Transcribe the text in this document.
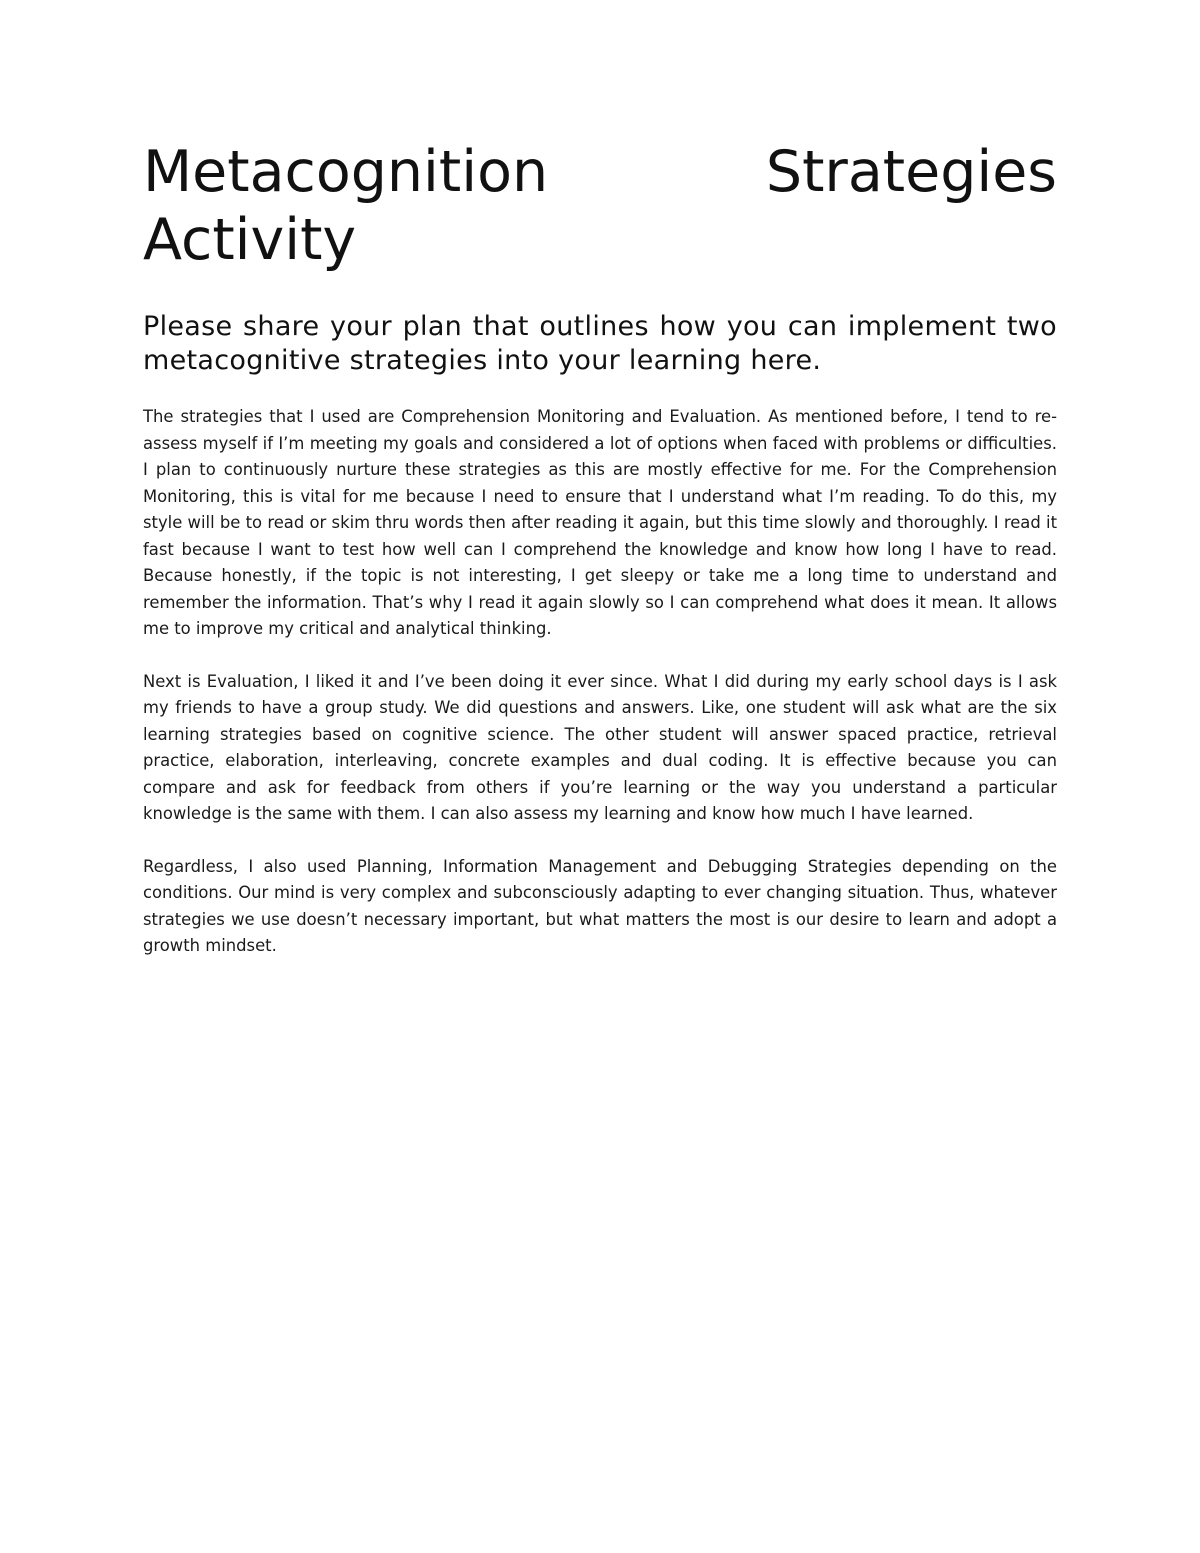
Metacognition	Strategies
Activity
Please share your plan that outlines how you can implement two metacognitive strategies into your learning here.

The strategies that I used are Comprehension Monitoring and Evaluation. As mentioned before, I tend to re-assess myself if I’m meeting my goals and considered a lot of options when faced with problems or difficulties. I plan to continuously nurture these strategies as this are mostly effective for me. For the Comprehension Monitoring, this is vital for me because I need to ensure that I understand what I’m reading. To do this, my style will be to read or skim thru words then after reading it again, but this time slowly and thoroughly. I read it fast because I want to test how well can I comprehend the knowledge and know how long I have to read. Because honestly, if the topic is not interesting, I get sleepy or take me a long time to understand and remember the information. That’s why I read it again slowly so I can comprehend what does it mean. It allows me to improve my critical and analytical thinking.

Next is Evaluation, I liked it and I’ve been doing it ever since. What I did during my early school days is I ask my friends to have a group study. We did questions and answers. Like, one student will ask what are the six learning strategies based on cognitive science. The other student will answer spaced practice, retrieval practice, elaboration, interleaving, concrete examples and dual coding. It is effective because you can compare and ask for feedback from others if you’re learning or the way you understand a particular knowledge is the same with them. I can also assess my learning and know how much I have learned.

Regardless, I also used Planning, Information Management and Debugging Strategies depending on the conditions. Our mind is very complex and subconsciously adapting to ever changing situation. Thus, whatever strategies we use doesn’t necessary important, but what matters the most is our desire to learn and adopt a growth mindset.
